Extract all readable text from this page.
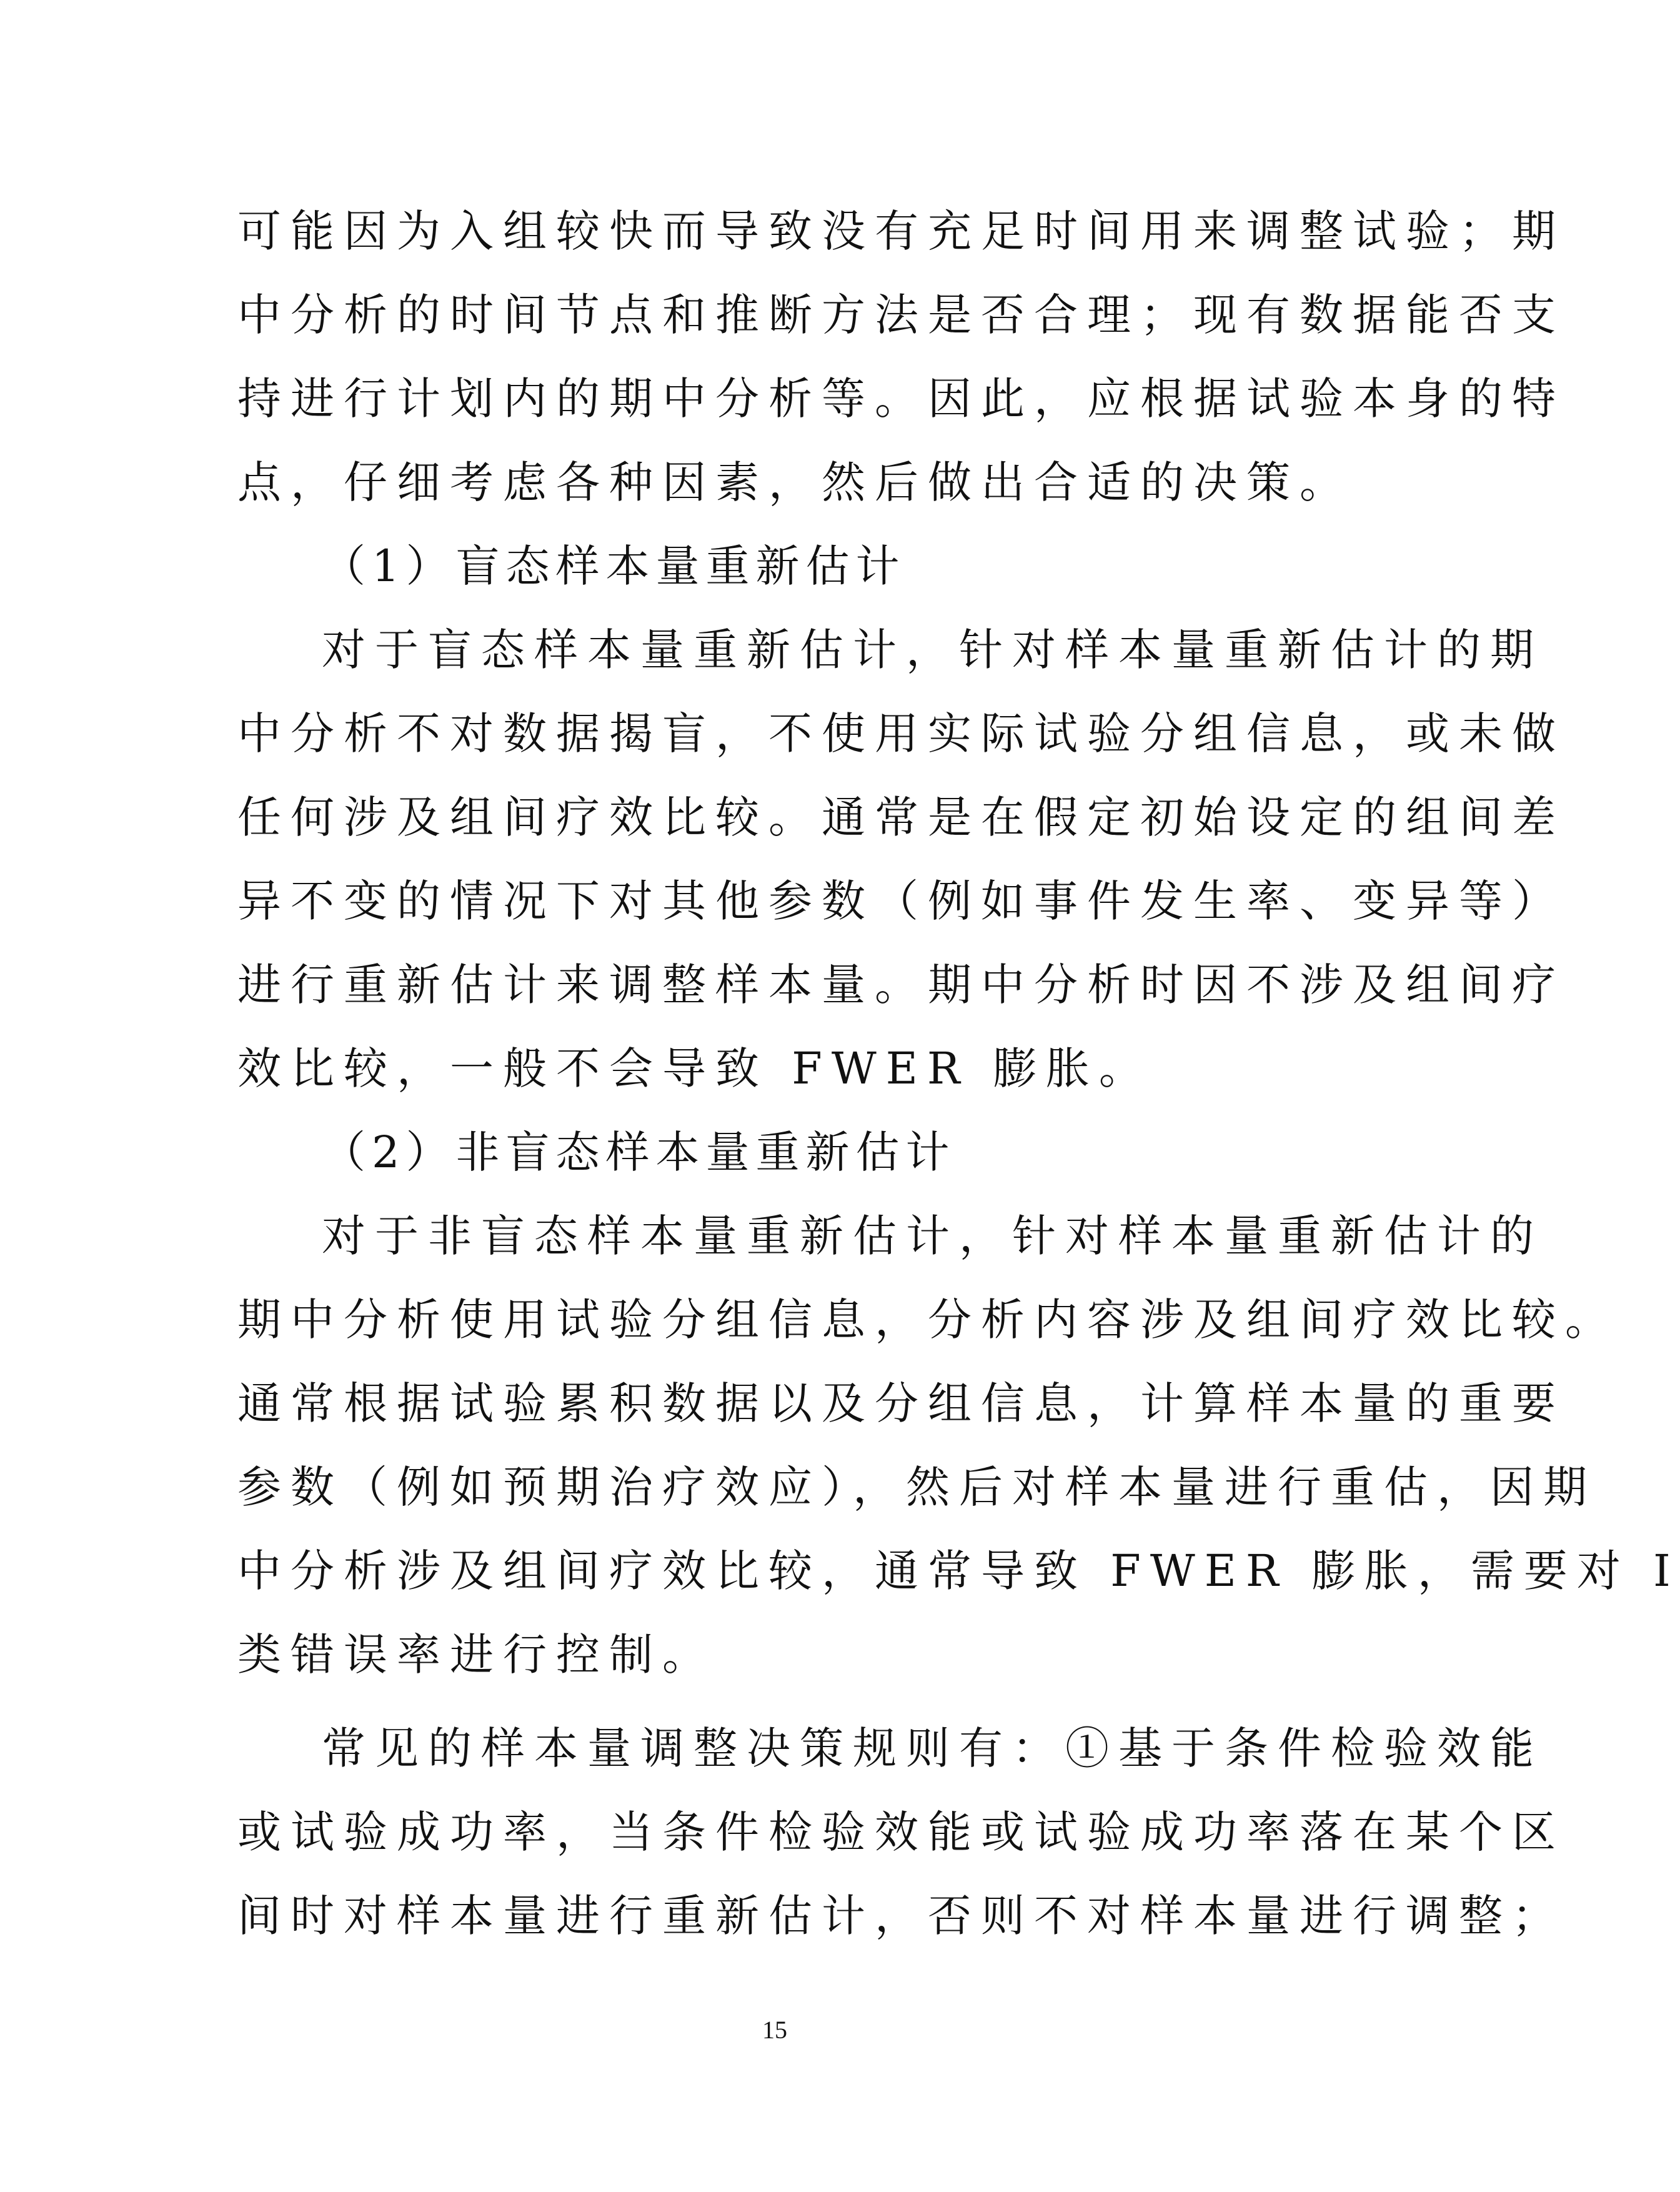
可能因为入组较快而导致没有充足时间用来调整试验；期
中分析的时间节点和推断方法是否合理；现有数据能否支
持进行计划内的期中分析等。因此，应根据试验本身的特
点，仔细考虑各种因素，然后做出合适的决策。
（1）盲态样本量重新估计
对于盲态样本量重新估计，针对样本量重新估计的期
中分析不对数据揭盲，不使用实际试验分组信息，或未做
任何涉及组间疗效比较。通常是在假定初始设定的组间差
异不变的情况下对其他参数（例如事件发生率、变异等）
进行重新估计来调整样本量。期中分析时因不涉及组间疗
效比较，一般不会导致 FWER 膨胀。
（2）非盲态样本量重新估计
对于非盲态样本量重新估计，针对样本量重新估计的
期中分析使用试验分组信息，分析内容涉及组间疗效比较。
通常根据试验累积数据以及分组信息，计算样本量的重要
参数（例如预期治疗效应），然后对样本量进行重估，因期
中分析涉及组间疗效比较，通常导致 FWER 膨胀，需要对 I
类错误率进行控制。
常见的样本量调整决策规则有：①基于条件检验效能
或试验成功率，当条件检验效能或试验成功率落在某个区
间时对样本量进行重新估计，否则不对样本量进行调整；
15
